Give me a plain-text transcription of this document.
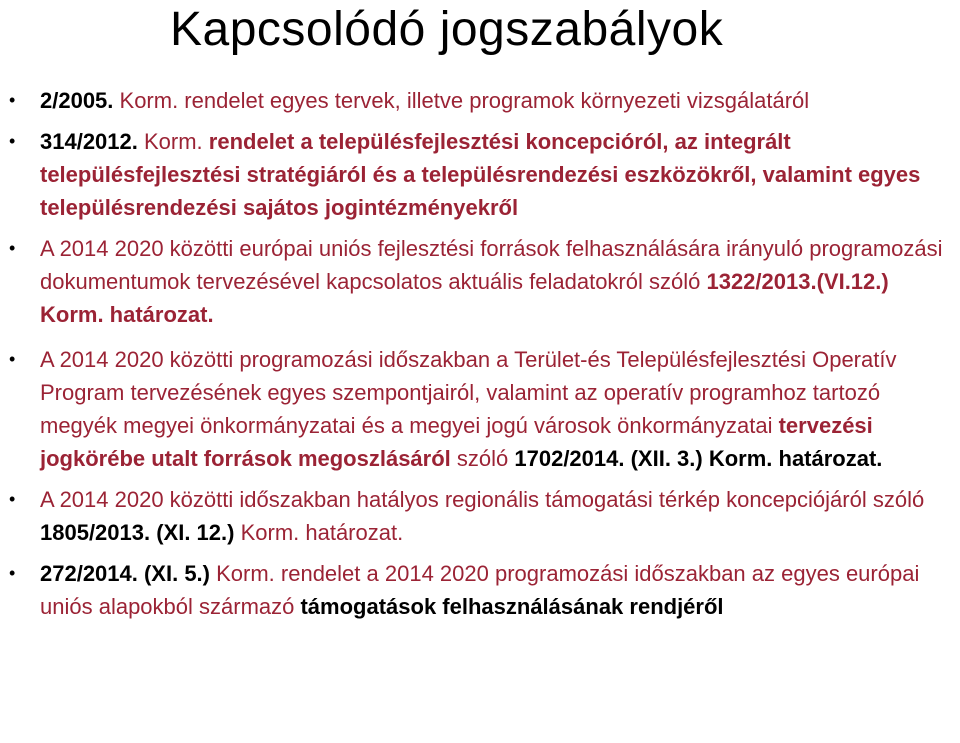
Kapcsolódó jogszabályok
• 2/2005. Korm. rendelet egyes tervek, illetve programok környezeti vizsgálatáról
• 314/2012. Korm. rendelet a településfejlesztési koncepcióról, az integrált településfejlesztési stratégiáról és a településrendezési eszközökről, valamint egyes településrendezési sajátos jogintézményekről
• A 2014 2020 közötti európai uniós fejlesztési források felhasználására irányuló programozási dokumentumok tervezésével kapcsolatos aktuális feladatokról szóló 1322/2013.(VI.12.) Korm. határozat.
• A 2014 2020 közötti programozási időszakban a Terület-és Településfejlesztési Operatív Program tervezésének egyes szempontjairól, valamint az operatív programhoz tartozó megyék megyei önkormányzatai és a megyei jogú városok önkormányzatai tervezési jogkörébe utalt források megoszlásáról szóló 1702/2014. (XII. 3.) Korm. határozat.
• A 2014 2020 közötti időszakban hatályos regionális támogatási térkép koncepciójáról szóló 1805/2013. (XI. 12.) Korm. határozat.
• 272/2014. (XI. 5.) Korm. rendelet a 2014 2020 programozási időszakban az egyes európai uniós alapokból származó támogatások felhasználásának rendjéről
